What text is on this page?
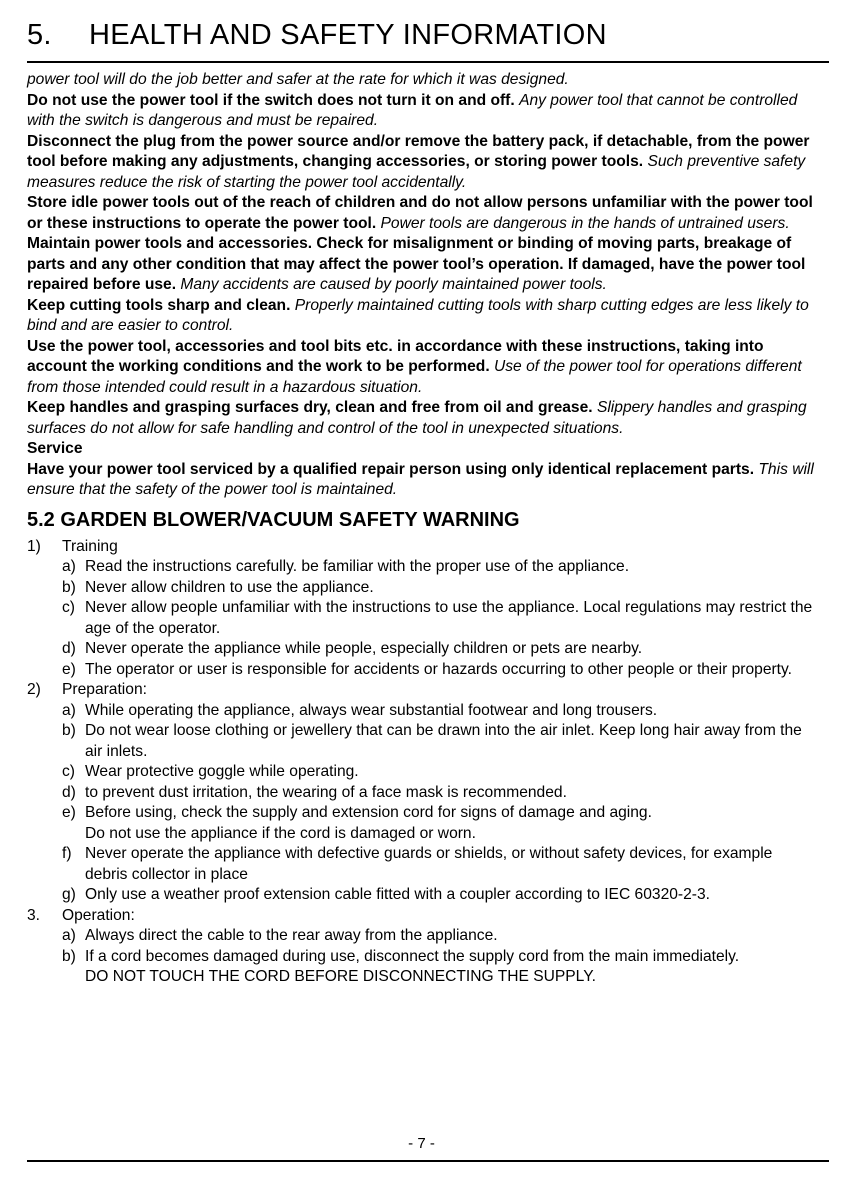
5. HEALTH AND SAFETY INFORMATION

power tool will do the job better and safer at the rate for which it was designed.

Do not use the power tool if the switch does not turn it on and off. Any power tool that cannot be controlled with the switch is dangerous and must be repaired.

Disconnect the plug from the power source and/or remove the battery pack, if detachable, from the power tool before making any adjustments, changing accessories, or storing power tools. Such preventive safety measures reduce the risk of starting the power tool accidentally.

Store idle power tools out of the reach of children and do not allow persons unfamiliar with the power tool or these instructions to operate the power tool. Power tools are dangerous in the hands of untrained users.

Maintain power tools and accessories. Check for misalignment or binding of moving parts, breakage of parts and any other condition that may affect the power tool’s operation. If damaged, have the power tool repaired before use. Many accidents are caused by poorly maintained power tools.

Keep cutting tools sharp and clean. Properly maintained cutting tools with sharp cutting edges are less likely to bind and are easier to control.

Use the power tool, accessories and tool bits etc. in accordance with these instructions, taking into account the working conditions and the work to be performed. Use of the power tool for operations different from those intended could result in a hazardous situation.

Keep handles and grasping surfaces dry, clean and free from oil and grease. Slippery handles and grasping surfaces do not allow for safe handling and control of the tool in unexpected situations.

Service

Have your power tool serviced by a qualified repair person using only identical replacement parts. This will ensure that the safety of the power tool is maintained.

5.2 GARDEN BLOWER/VACUUM SAFETY WARNING

1) Training

a) Read the instructions carefully. be familiar with the proper use of the appliance.

b) Never allow children to use the appliance.

c) Never allow people unfamiliar with the instructions to use the appliance. Local regulations may restrict the age of the operator.

d) Never operate the appliance while people, especially children or pets are nearby.

e) The operator or user is responsible for accidents or hazards occurring to other people or their property.

2) Preparation:

a) While operating the appliance, always wear substantial footwear and long trousers.

b) Do not wear loose clothing or jewellery that can be drawn into the air inlet. Keep long hair away from the air inlets.

c) Wear protective goggle while operating.

d) to prevent dust irritation, the wearing of a face mask is recommended.

e) Before using, check the supply and extension cord for signs of damage and aging.

Do not use the appliance if the cord is damaged or worn.

f) Never operate the appliance with defective guards or shields, or without safety devices, for example debris collector in place

g) Only use a weather proof extension cable fitted with a coupler according to IEC 60320-2-3.

3. Operation:

a) Always direct the cable to the rear away from the appliance.

b) If a cord becomes damaged during use, disconnect the supply cord from the main immediately.

DO NOT TOUCH THE CORD BEFORE DISCONNECTING THE SUPPLY.

- 7 -
